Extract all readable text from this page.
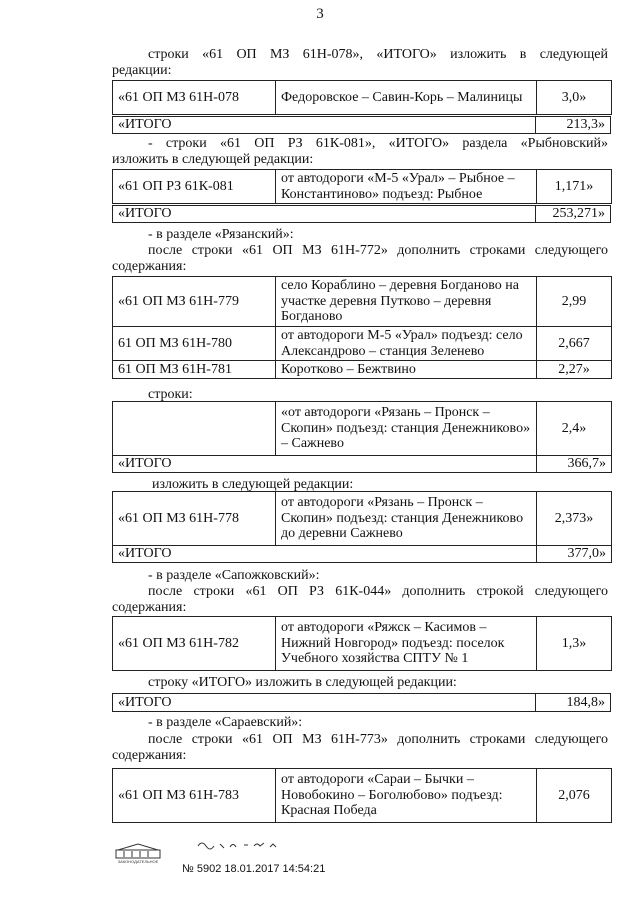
3
строки «61 ОП МЗ 61Н-078», «ИТОГО» изложить в следующей
редакции:
«61 ОП МЗ 61Н-078	Федоровское – Савин-Корь – Малиницы	3,0»
«ИТОГО	213,3»
- строки «61 ОП РЗ 61К-081», «ИТОГО» раздела «Рыбновский»
изложить в следующей редакции:
«61 ОП РЗ 61К-081	от автодороги «М-5 «Урал» – Рыбное – Константиново» подъезд: Рыбное	1,171»
«ИТОГО	253,271»
- в разделе «Рязанский»:
после строки «61 ОП МЗ 61Н-772» дополнить строками следующего
содержания:
«61 ОП МЗ 61Н-779	село Кораблино – деревня Богданово на участке деревня Путково – деревня Богданово	2,99
61 ОП МЗ 61Н-780	от автодороги М-5 «Урал» подъезд: село Александрово – станция Зеленево	2,667
61 ОП МЗ 61Н-781	Коротково – Бежтвино	2,27»
строки:
	«от автодороги «Рязань – Пронск – Скопин» подъезд: станция Денежниково» – Сажнево	2,4»
«ИТОГО		366,7»
изложить в следующей редакции:
«61 ОП МЗ 61Н-778	от автодороги «Рязань – Пронск – Скопин» подъезд: станция Денежниково до деревни Сажнево	2,373»
«ИТОГО		377,0»
- в разделе «Сапожковский»:
после строки «61 ОП РЗ 61К-044» дополнить строкой следующего
содержания:
«61 ОП МЗ 61Н-782	от автодороги «Ряжск – Касимов – Нижний Новгород» подъезд: поселок Учебного хозяйства СПТУ № 1	1,3»
строку «ИТОГО» изложить в следующей редакции:
«ИТОГО	184,8»
- в разделе «Сараевский»:
после строки «61 ОП МЗ 61Н-773» дополнить строками следующего
содержания:
«61 ОП МЗ 61Н-783	от автодороги «Сараи – Бычки – Новобокино – Боголюбово» подъезд: Красная Победа	2,076
ЗАКОНОДАТЕЛЬНОЕ
№ 5902 18.01.2017 14:54:21
